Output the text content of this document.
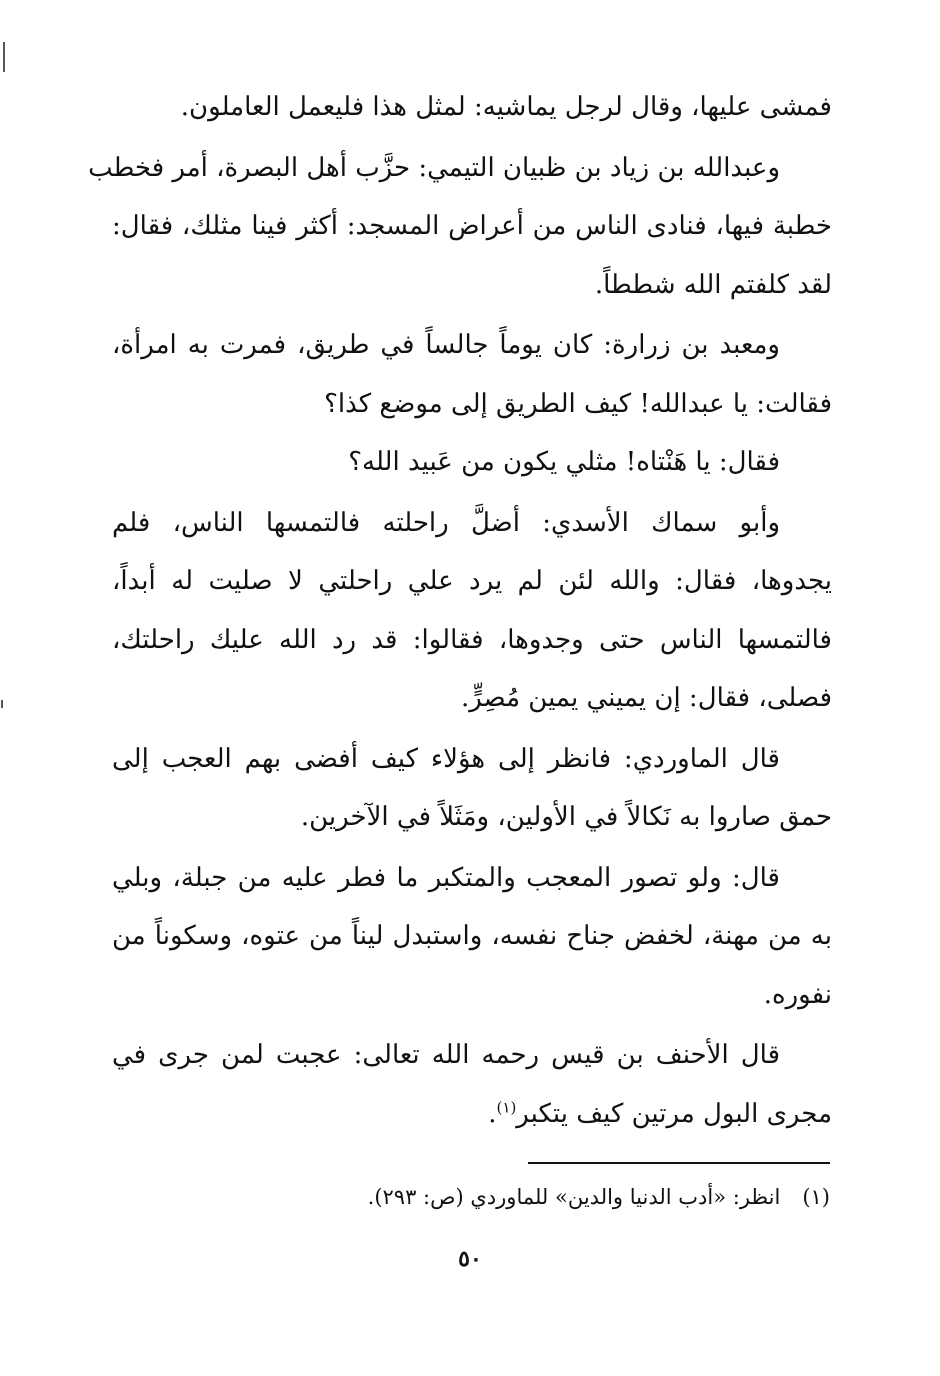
فمشى عليها، وقال لرجل يماشيه: لمثل هذا فليعمل العاملون.
وعبدالله بن زياد بن ظبيان التيمي: حزَّب أهل البصرة، أمر فخطب
خطبة فيها، فنادى الناس من أعراض المسجد: أكثر فينا مثلك، فقال:
لقد كلفتم الله شططاً.
ومعبد بن زرارة: كان يوماً جالساً في طريق، فمرت به امرأة،
فقالت: يا عبدالله! كيف الطريق إلى موضع كذا؟
فقال: يا هَنْتاه! مثلي يكون من عَبيد الله؟
وأبو سماك الأسدي: أضلَّ راحلته فالتمسها الناس، فلم
يجدوها، فقال: والله لئن لم يرد علي راحلتي لا صليت له أبداً،
فالتمسها الناس حتى وجدوها، فقالوا: قد رد الله عليك راحلتك،
فصلى، فقال: إن يميني يمين مُصِرٍّ.
قال الماوردي: فانظر إلى هؤلاء كيف أفضى بهم العجب إلى
حمق صاروا به نَكالاً في الأولين، ومَثَلاً في الآخرين.
قال: ولو تصور المعجب والمتكبر ما فطر عليه من جبلة، وبلي
به من مهنة، لخفض جناح نفسه، واستبدل ليناً من عتوه، وسكوناً من
نفوره.
قال الأحنف بن قيس رحمه الله تعالى: عجبت لمن جرى في
مجرى البول مرتين كيف يتكبر$^{(١)}$.
(١)انظر: «أدب الدنيا والدين» للماوردي (ص: ٢٩٣).
٥٠
